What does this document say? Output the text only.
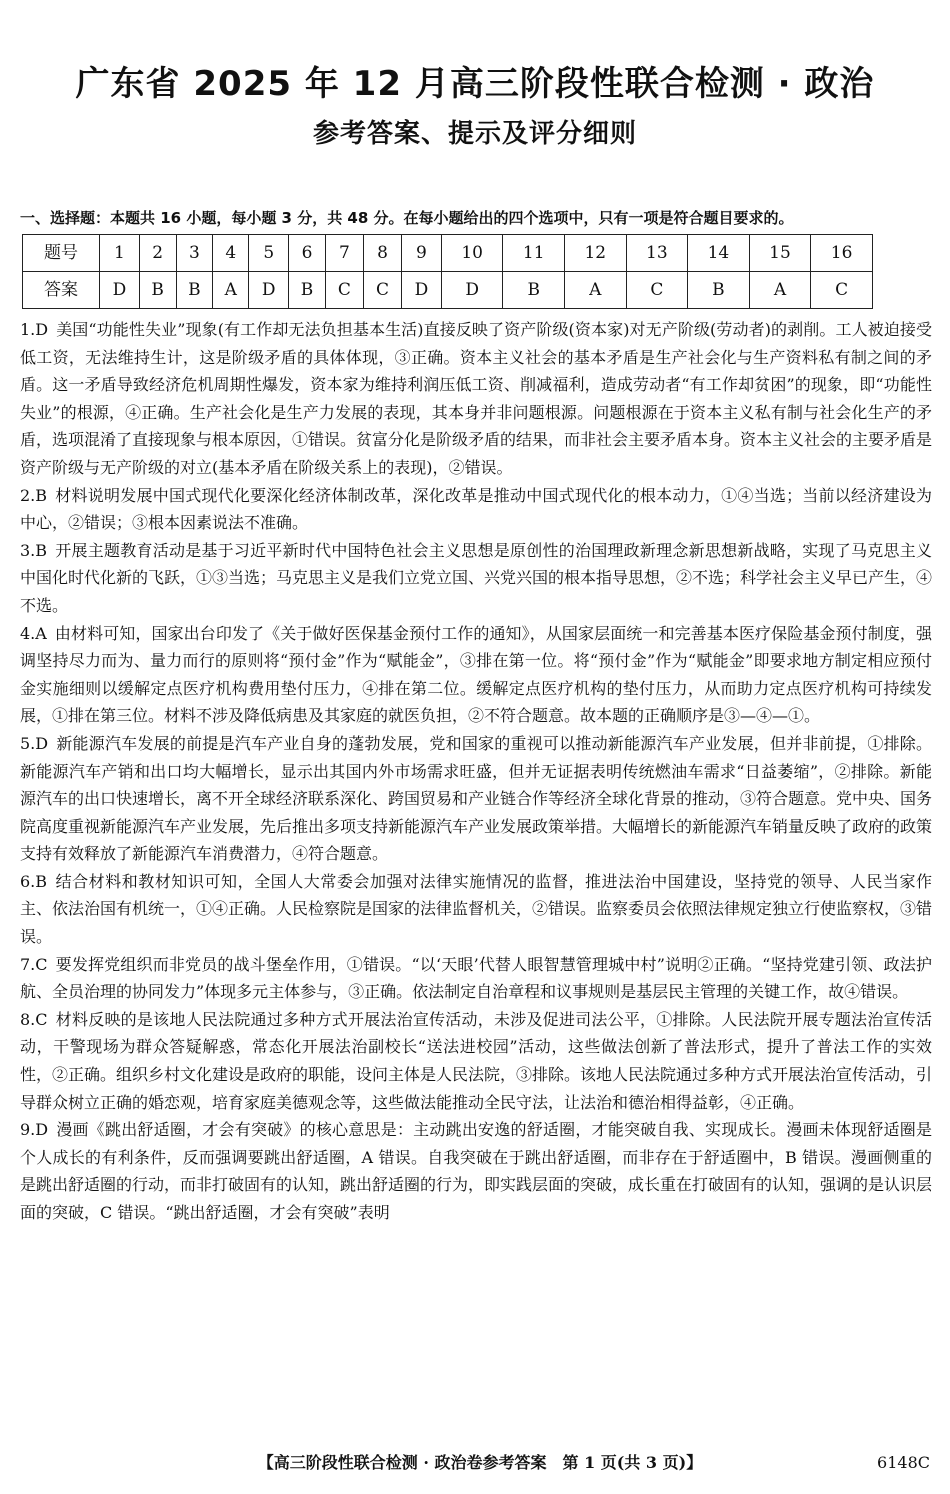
广东省 2025 年 12 月高三阶段性联合检测 · 政治
参考答案、提示及评分细则
一、选择题：本题共 16 小题，每小题 3 分，共 48 分。在每小题给出的四个选项中，只有一项是符合题目要求的。
题号	1	2	3	4	5	6	7	8	9	10	11	12	13	14	15	16
答案	D	B	B	A	D	B	C	C	D	D	B	A	C	B	A	C

1.D 美国“功能性失业”现象(有工作却无法负担基本生活)直接反映了资产阶级(资本家)对无产阶级(劳动者)的剥削。工人被迫接受低工资，无法维持生计，这是阶级矛盾的具体体现，③正确。资本主义社会的基本矛盾是生产社会化与生产资料私有制之间的矛盾。这一矛盾导致经济危机周期性爆发，资本家为维持利润压低工资、削减福利，造成劳动者“有工作却贫困”的现象，即“功能性失业”的根源，④正确。生产社会化是生产力发展的表现，其本身并非问题根源。问题根源在于资本主义私有制与社会化生产的矛盾，选项混淆了直接现象与根本原因，①错误。贫富分化是阶级矛盾的结果，而非社会主要矛盾本身。资本主义社会的主要矛盾是资产阶级与无产阶级的对立(基本矛盾在阶级关系上的表现)，②错误。

2.B 材料说明发展中国式现代化要深化经济体制改革，深化改革是推动中国式现代化的根本动力，①④当选；当前以经济建设为中心，②错误；③根本因素说法不准确。

3.B 开展主题教育活动是基于习近平新时代中国特色社会主义思想是原创性的治国理政新理念新思想新战略，实现了马克思主义中国化时代化新的飞跃，①③当选；马克思主义是我们立党立国、兴党兴国的根本指导思想，②不选；科学社会主义早已产生，④不选。

4.A 由材料可知，国家出台印发了《关于做好医保基金预付工作的通知》，从国家层面统一和完善基本医疗保险基金预付制度，强调坚持尽力而为、量力而行的原则将“预付金”作为“赋能金”，③排在第一位。将“预付金”作为“赋能金”即要求地方制定相应预付金实施细则以缓解定点医疗机构费用垫付压力，④排在第二位。缓解定点医疗机构的垫付压力，从而助力定点医疗机构可持续发展，①排在第三位。材料不涉及降低病患及其家庭的就医负担，②不符合题意。故本题的正确顺序是③—④—①。

5.D 新能源汽车发展的前提是汽车产业自身的蓬勃发展，党和国家的重视可以推动新能源汽车产业发展，但并非前提，①排除。新能源汽车产销和出口均大幅增长，显示出其国内外市场需求旺盛，但并无证据表明传统燃油车需求“日益萎缩”，②排除。新能源汽车的出口快速增长，离不开全球经济联系深化、跨国贸易和产业链合作等经济全球化背景的推动，③符合题意。党中央、国务院高度重视新能源汽车产业发展，先后推出多项支持新能源汽车产业发展政策举措。大幅增长的新能源汽车销量反映了政府的政策支持有效释放了新能源汽车消费潜力，④符合题意。

6.B 结合材料和教材知识可知，全国人大常委会加强对法律实施情况的监督，推进法治中国建设，坚持党的领导、人民当家作主、依法治国有机统一，①④正确。人民检察院是国家的法律监督机关，②错误。监察委员会依照法律规定独立行使监察权，③错误。

7.C 要发挥党组织而非党员的战斗堡垒作用，①错误。“以‘天眼’代替人眼智慧管理城中村”说明②正确。“坚持党建引领、政法护航、全员治理的协同发力”体现多元主体参与，③正确。依法制定自治章程和议事规则是基层民主管理的关键工作，故④错误。

8.C 材料反映的是该地人民法院通过多种方式开展法治宣传活动，未涉及促进司法公平，①排除。人民法院开展专题法治宣传活动，干警现场为群众答疑解惑，常态化开展法治副校长“送法进校园”活动，这些做法创新了普法形式，提升了普法工作的实效性，②正确。组织乡村文化建设是政府的职能，设问主体是人民法院，③排除。该地人民法院通过多种方式开展法治宣传活动，引导群众树立正确的婚恋观，培育家庭美德观念等，这些做法能推动全民守法，让法治和德治相得益彰，④正确。

9.D 漫画《跳出舒适圈，才会有突破》的核心意思是：主动跳出安逸的舒适圈，才能突破自我、实现成长。漫画未体现舒适圈是个人成长的有利条件，反而强调要跳出舒适圈，A 错误。自我突破在于跳出舒适圈，而非存在于舒适圈中，B 错误。漫画侧重的是跳出舒适圈的行动，而非打破固有的认知，跳出舒适圈的行为，即实践层面的突破，成长重在打破固有的认知，强调的是认识层面的突破，C 错误。“跳出舒适圈，才会有突破”表明

【高三阶段性联合检测 · 政治卷参考答案　第 1 页(共 3 页)】	6148C
